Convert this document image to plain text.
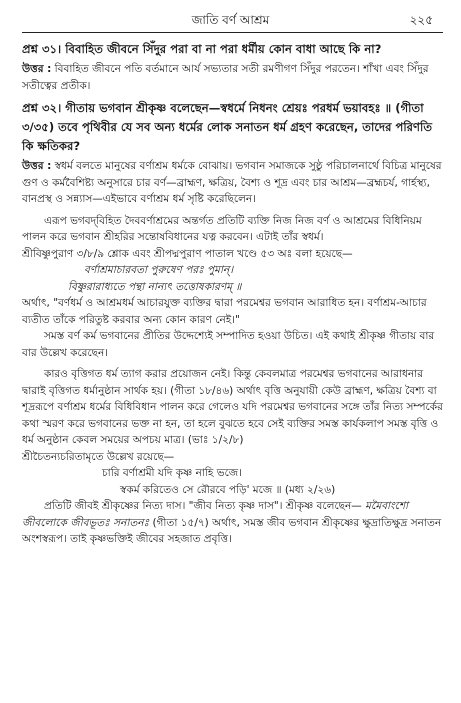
জাতি বর্ণ আশ্রম	২২৫

প্রশ্ন ৩১। বিবাহিত জীবনে সিঁদুর পরা বা না পরা ধর্মীয় কোন বাধা আছে কি না?

উত্তর : বিবাহিত জীবনে পতি বর্তমানে আর্য সভ্যতার সতী রমণীগণ সিঁদুর পরতেন। শাঁখা এবং সিঁদুর সতীত্বের প্রতীক।

প্রশ্ন ৩২। গীতায় ভগবান শ্রীকৃষ্ণ বলেছেন—স্বধর্মে নিধনং শ্রেয়ঃ পরধর্ম ভয়াবহঃ ॥ (গীতা ৩/৩৫) তবে পৃথিবীর যে সব অন্য ধর্মের লোক সনাতন ধর্ম গ্রহণ করেছেন, তাদের পরিণতি কি ক্ষতিকর?

উত্তর : স্বধর্ম বলতে মানুষের বর্ণাশ্রম ধর্মকে বোঝায়। ভগবান সমাজকে সুষ্ঠু পরিচালনার্থে বিচিত্র মানুষের গুণ ও কর্মবৈশিষ্ট্য অনুসারে চার বর্ণ—ব্রাহ্মণ, ক্ষত্রিয়, বৈশ্য ও শূদ্র এবং চার আশ্রম—ব্রহ্মচর্য, গার্হস্থ্য, বানপ্রস্থ ও সন্ন্যাস—এইভাবে বর্ণাশ্রম ধর্ম সৃষ্টি করেছিলেন।

এরূপ ভগবদ্‌বিহিত দৈববর্ণাশ্রমের অন্তর্গত প্রতিটি ব্যক্তি নিজ নিজ বর্ণ ও আশ্রমের বিধিনিয়ম পালন করে ভগবান শ্রীহরির সন্তোষবিধানের যত্ন করবেন। এটাই তাঁর স্বধর্ম।

শ্রীবিষ্ণুপুরাণ ৩/৮/৯ শ্লোক এবং শ্রীপদ্মপুরাণ পাতাল খণ্ডে ৫৩ অঃ বলা হয়েছে—

বর্ণাশ্রমাচারবতা পুরুষেণ পরঃ পুমান্‌।

বিষ্ণুরারাধ্যতে পন্থা নান্যৎ তত্তোষকারণম্‌ ॥

অর্থাৎ, "বর্ণধর্ম ও আশ্রমধর্ম আচারযুক্ত ব্যক্তির দ্বারা পরমেশ্বর ভগবান আরাধিত হন। বর্ণাশ্রম-আচার ব্যতীত তাঁকে পরিতুষ্ট করবার অন্য কোন কারণ নেই।"

সমস্ত বর্ণ কর্ম ভগবানের প্রীতির উদ্দেশ্যেই সম্পাদিত হওয়া উচিত। এই কথাই শ্রীকৃষ্ণ গীতায় বার বার উল্লেখ করেছেন।

কারও বৃত্তিগত ধর্ম ত্যাগ করার প্রয়োজন নেই। কিন্তু কেবলমাত্র পরমেশ্বর ভগবানের আরাধনার দ্বারাই বৃত্তিগত ধর্মানুষ্ঠান সার্থক হয়। (গীতা ১৮/৪৬) অর্থাৎ বৃত্তি অনুযায়ী কেউ ব্রাহ্মণ, ক্ষত্রিয় বৈশ্য বা শূদ্ররূপে বর্ণাশ্রম ধর্মের বিধিবিধান পালন করে গেলেও যদি পরমেশ্বর ভগবানের সঙ্গে তাঁর নিত্য সম্পর্কের কথা স্মরণ করে ভগবানের ভক্ত না হন, তা হলে বুঝতে হবে সেই ব্যক্তির সমস্ত কার্যকলাপ সমস্ত বৃত্তি ও ধর্ম অনুষ্ঠান কেবল সময়ের অপচয় মাত্র। (ভাঃ ১/২/৮)

শ্রীচৈতন্যচরিতামৃতে উল্লেখ রয়েছে—

চারি বর্ণাশ্রমী যদি কৃষ্ণ নাহি ভজে।

স্বকর্ম করিতেও সে রৌরবে পড়ি' মজে ॥ (মধ্য ২/২৬)

প্রতিটি জীবই শ্রীকৃষ্ণের নিত্য দাস। "জীব নিত্য কৃষ্ণ দাস"। শ্রীকৃষ্ণ বলেছেন— মমৈবাংশো জীবলোকে জীবভূতঃ সনাতনঃ (গীতা ১৫/৭) অর্থাৎ, সমস্ত জীব ভগবান শ্রীকৃষ্ণের ক্ষুদ্রাতিক্ষুদ্র সনাতন অংশস্বরূপ। তাই কৃষ্ণভক্তিই জীবের সহজাত প্রবৃত্তি।
